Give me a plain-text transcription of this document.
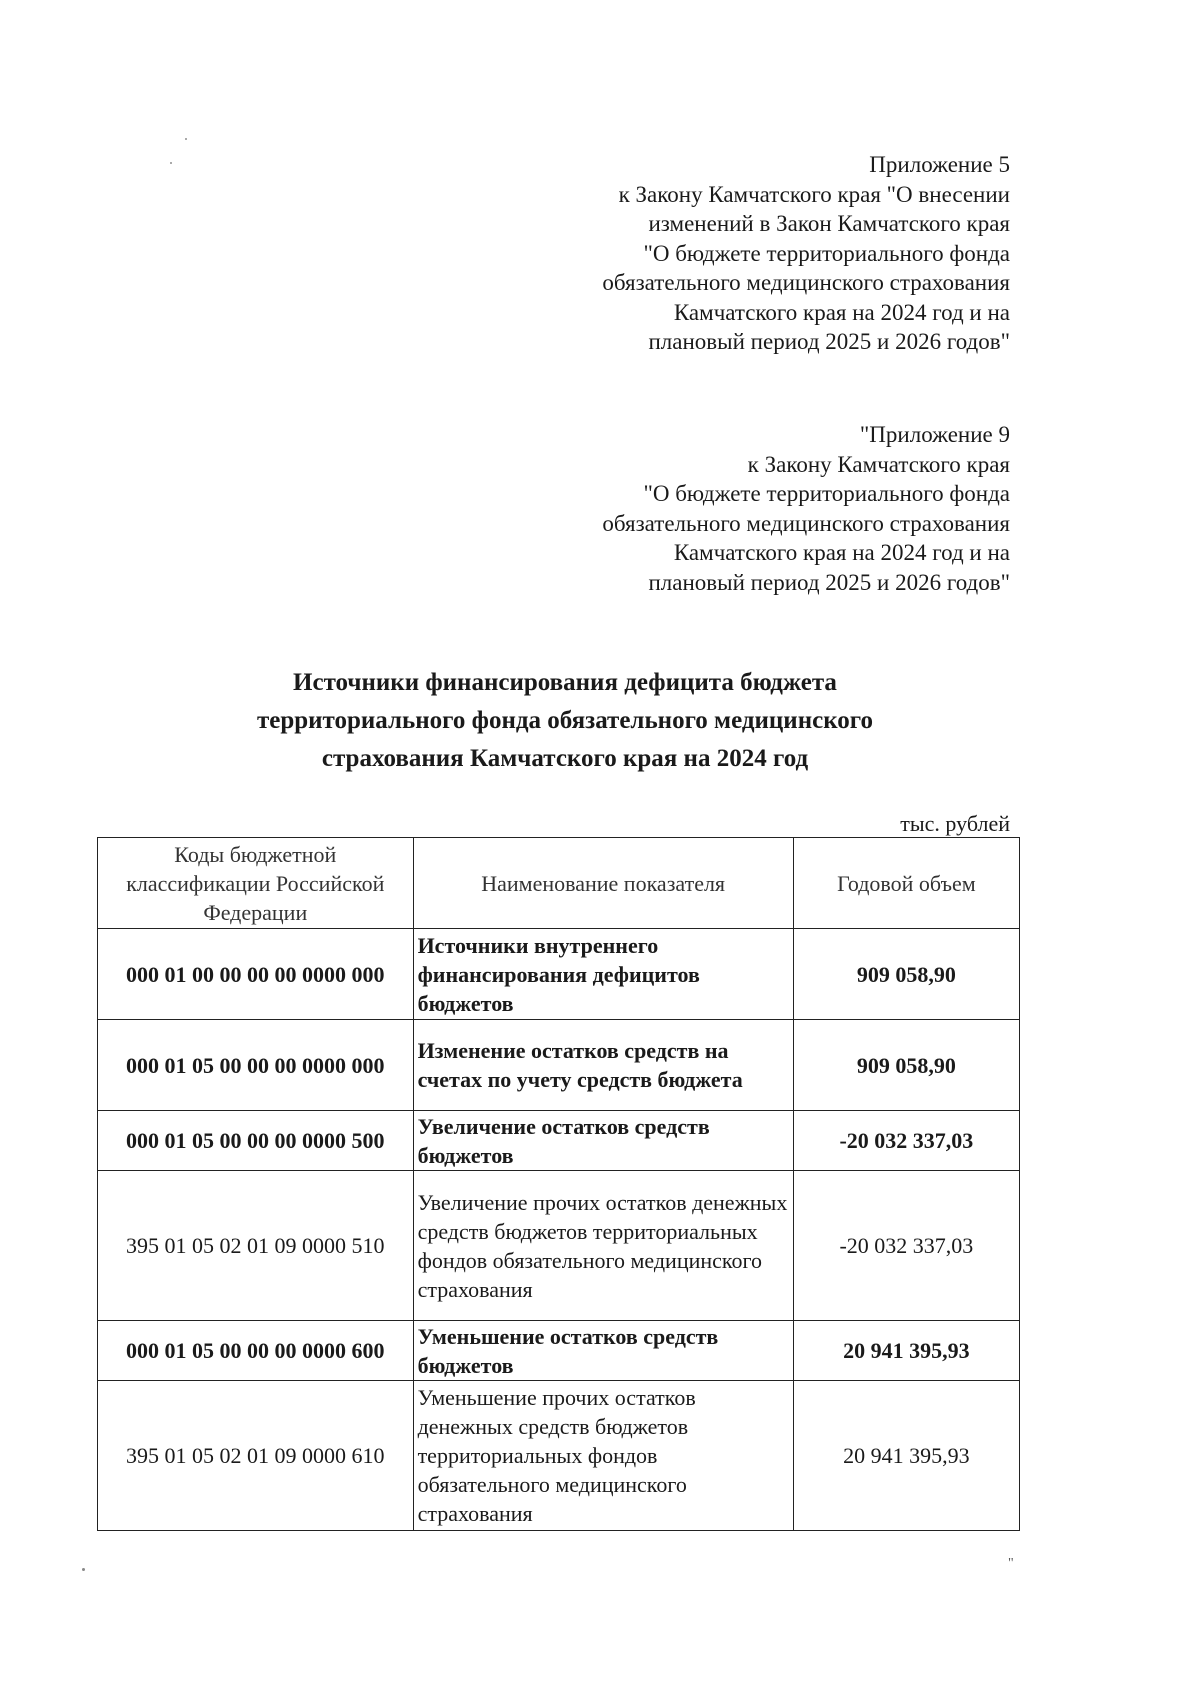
Приложение 5
к Закону Камчатского края "О внесении
изменений в Закон Камчатского края
"О бюджете территориального фонда
обязательного медицинского страхования
Камчатского края на 2024 год и на
плановый период 2025 и 2026 годов"
"Приложение 9
к Закону Камчатского края
"О бюджете территориального фонда
обязательного медицинского страхования
Камчатского края на 2024 год и на
плановый период 2025 и 2026 годов"
Источники финансирования дефицита бюджета
территориального фонда обязательного медицинского
страхования Камчатского края на 2024 год
тыс. рублей
Коды бюджетной классификации Российской Федерации	Наименование показателя	Годовой объем
000 01 00 00 00 00 0000 000	Источники внутреннего финансирования дефицитов бюджетов	909 058,90
000 01 05 00 00 00 0000 000	Изменение остатков средств на счетах по учету средств бюджета	909 058,90
000 01 05 00 00 00 0000 500	Увеличение остатков средств бюджетов	-20 032 337,03
395 01 05 02 01 09 0000 510	Увеличение прочих остатков денежных средств бюджетов территориальных фондов обязательного медицинского страхования	-20 032 337,03
000 01 05 00 00 00 0000 600	Уменьшение остатков средств бюджетов	20 941 395,93
395 01 05 02 01 09 0000 610	Уменьшение прочих остатков денежных средств бюджетов территориальных фондов обязательного медицинского страхования	20 941 395,93
"
